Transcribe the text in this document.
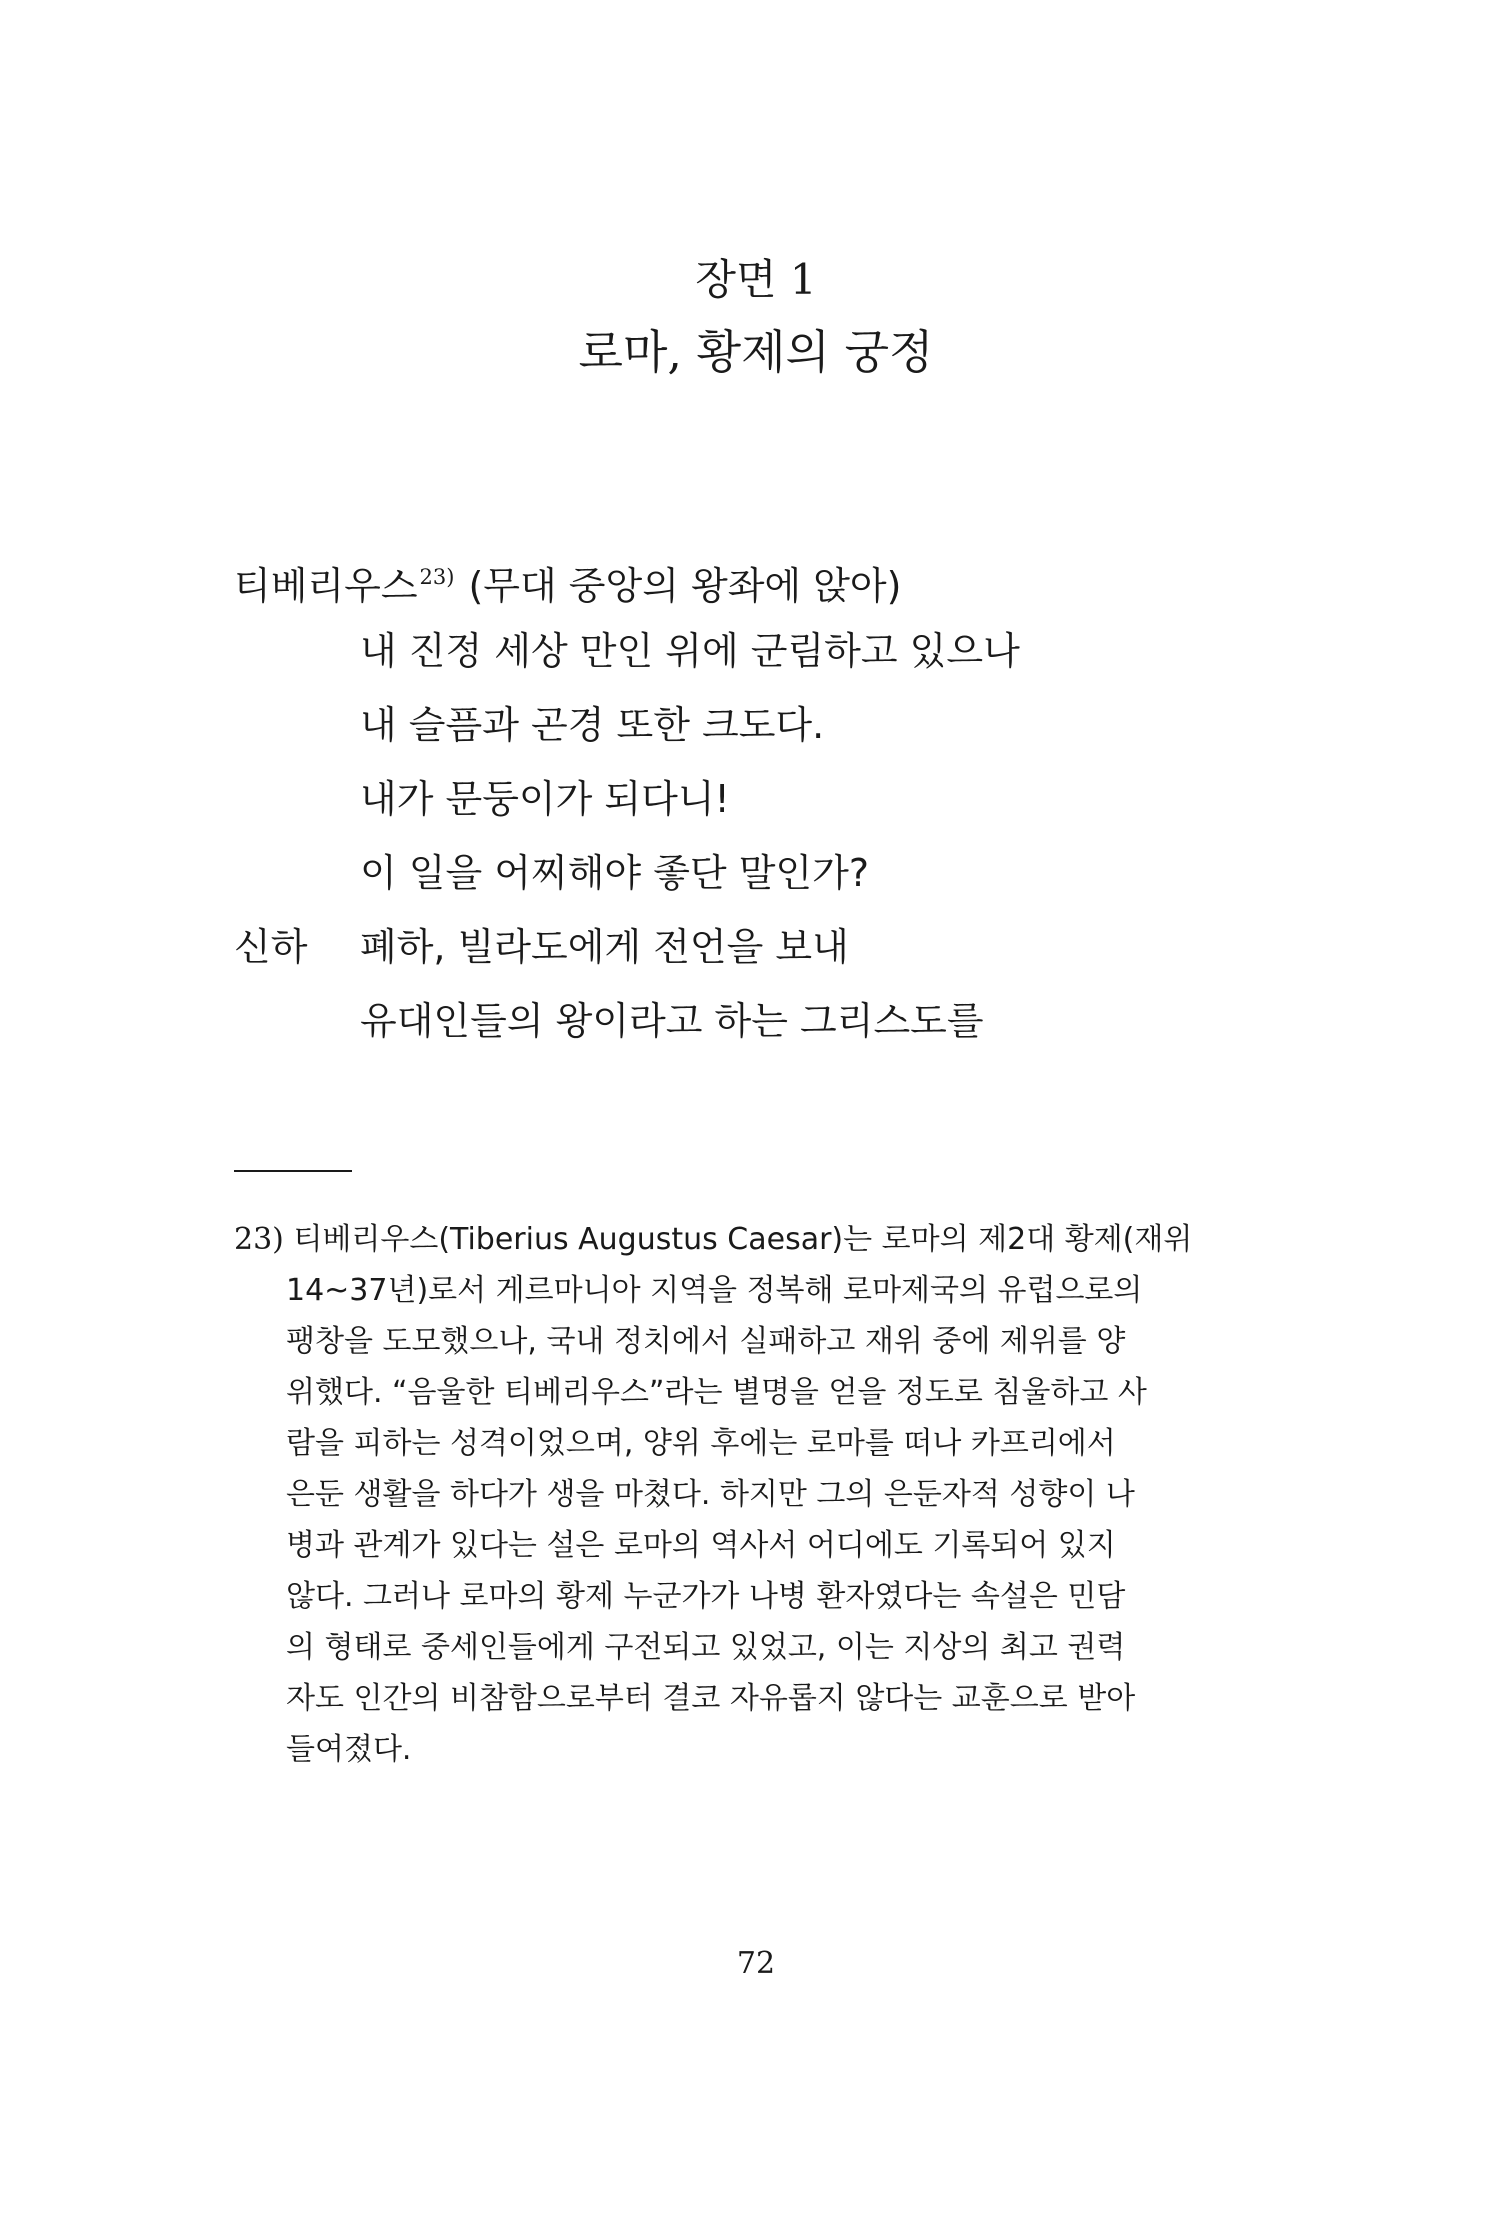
장면 1
로마, 황제의 궁정
티베리우스$^{23)}$ (무대 중앙의 왕좌에 앉아)
내 진정 세상 만인 위에 군림하고 있으나
내 슬픔과 곤경 또한 크도다.
내가 문둥이가 되다니!
이 일을 어찌해야 좋단 말인가?
신하 폐하, 빌라도에게 전언을 보내
유대인들의 왕이라고 하는 그리스도를
23) 티베리우스(Tiberius Augustus Caesar)는 로마의 제2대 황제(재위
14~37년)로서 게르마니아 지역을 정복해 로마제국의 유럽으로의
팽창을 도모했으나, 국내 정치에서 실패하고 재위 중에 제위를 양
위했다. “음울한 티베리우스”라는 별명을 얻을 정도로 침울하고 사
람을 피하는 성격이었으며, 양위 후에는 로마를 떠나 카프리에서
은둔 생활을 하다가 생을 마쳤다. 하지만 그의 은둔자적 성향이 나
병과 관계가 있다는 설은 로마의 역사서 어디에도 기록되어 있지
않다. 그러나 로마의 황제 누군가가 나병 환자였다는 속설은 민담
의 형태로 중세인들에게 구전되고 있었고, 이는 지상의 최고 권력
자도 인간의 비참함으로부터 결코 자유롭지 않다는 교훈으로 받아
들여졌다.
72
